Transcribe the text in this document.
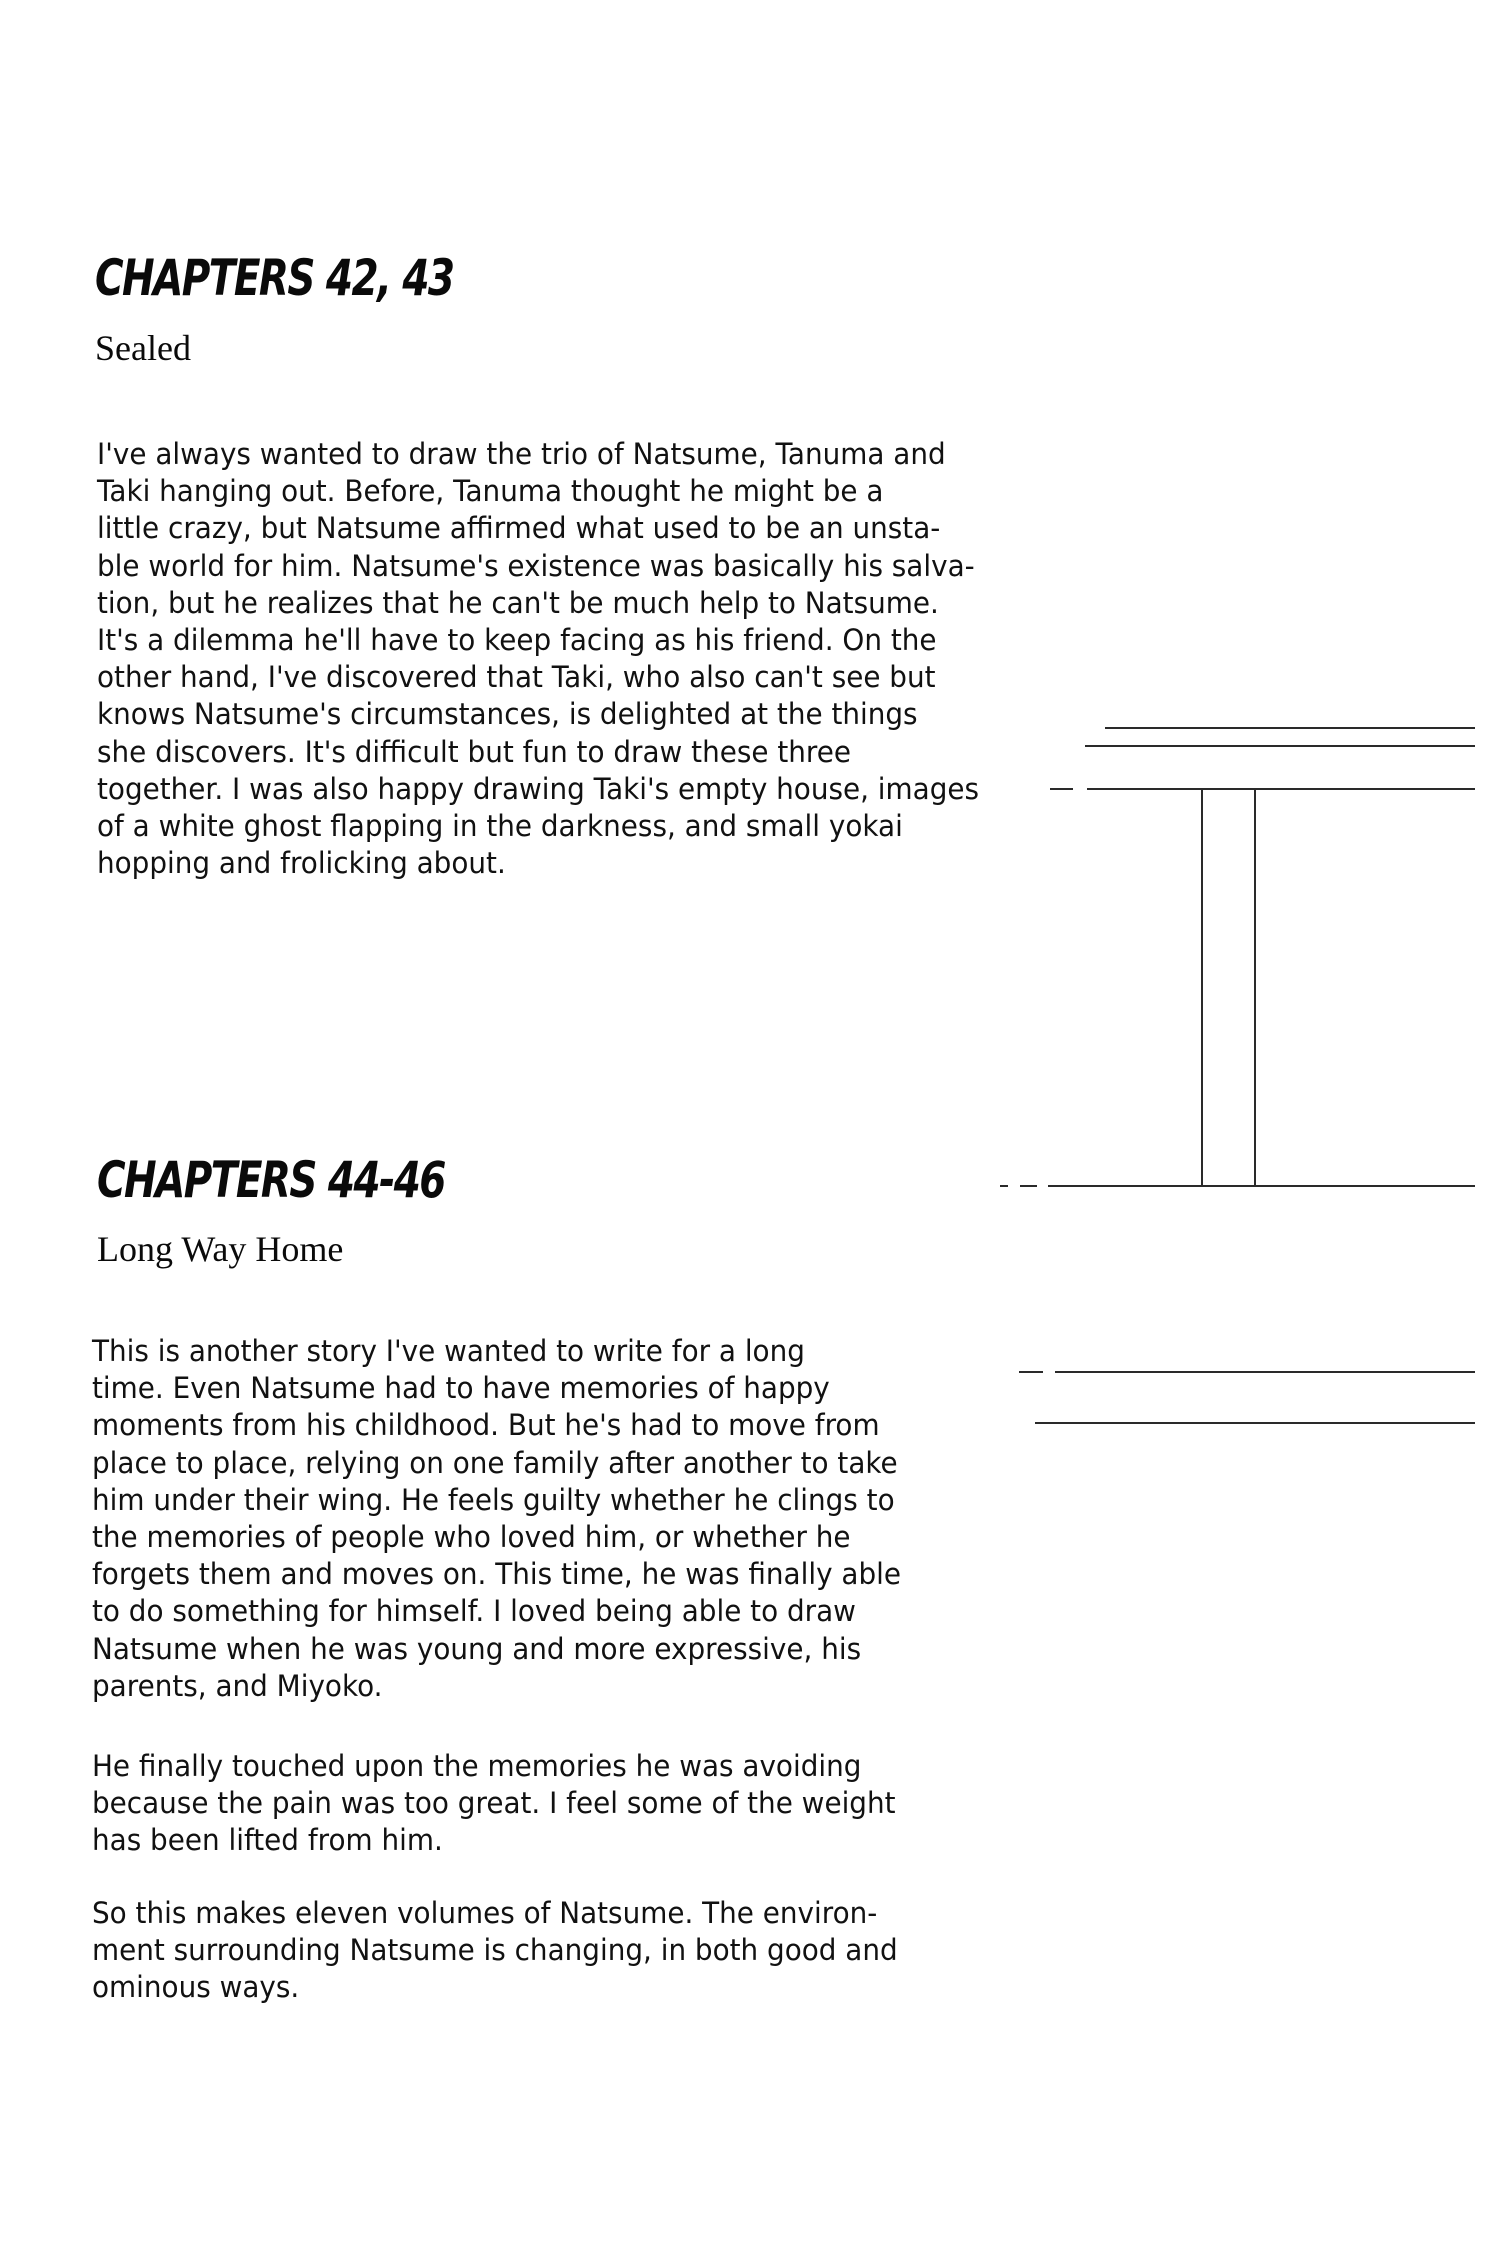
CHAPTERS 42, 43
Sealed
I've always wanted to draw the trio of Natsume, Tanuma and
Taki hanging out. Before, Tanuma thought he might be a
little crazy, but Natsume affirmed what used to be an unsta-
ble world for him. Natsume's existence was basically his salva-
tion, but he realizes that he can't be much help to Natsume.
It's a dilemma he'll have to keep facing as his friend. On the
other hand, I've discovered that Taki, who also can't see but
knows Natsume's circumstances, is delighted at the things
she discovers. It's difficult but fun to draw these three
together. I was also happy drawing Taki's empty house, images
of a white ghost flapping in the darkness, and small yokai
hopping and frolicking about.
CHAPTERS 44-46
Long Way Home
This is another story I've wanted to write for a long
time. Even Natsume had to have memories of happy
moments from his childhood. But he's had to move from
place to place, relying on one family after another to take
him under their wing. He feels guilty whether he clings to
the memories of people who loved him, or whether he
forgets them and moves on. This time, he was finally able
to do something for himself. I loved being able to draw
Natsume when he was young and more expressive, his
parents, and Miyoko.
He finally touched upon the memories he was avoiding
because the pain was too great. I feel some of the weight
has been lifted from him.
So this makes eleven volumes of Natsume. The environ-
ment surrounding Natsume is changing, in both good and
ominous ways.
